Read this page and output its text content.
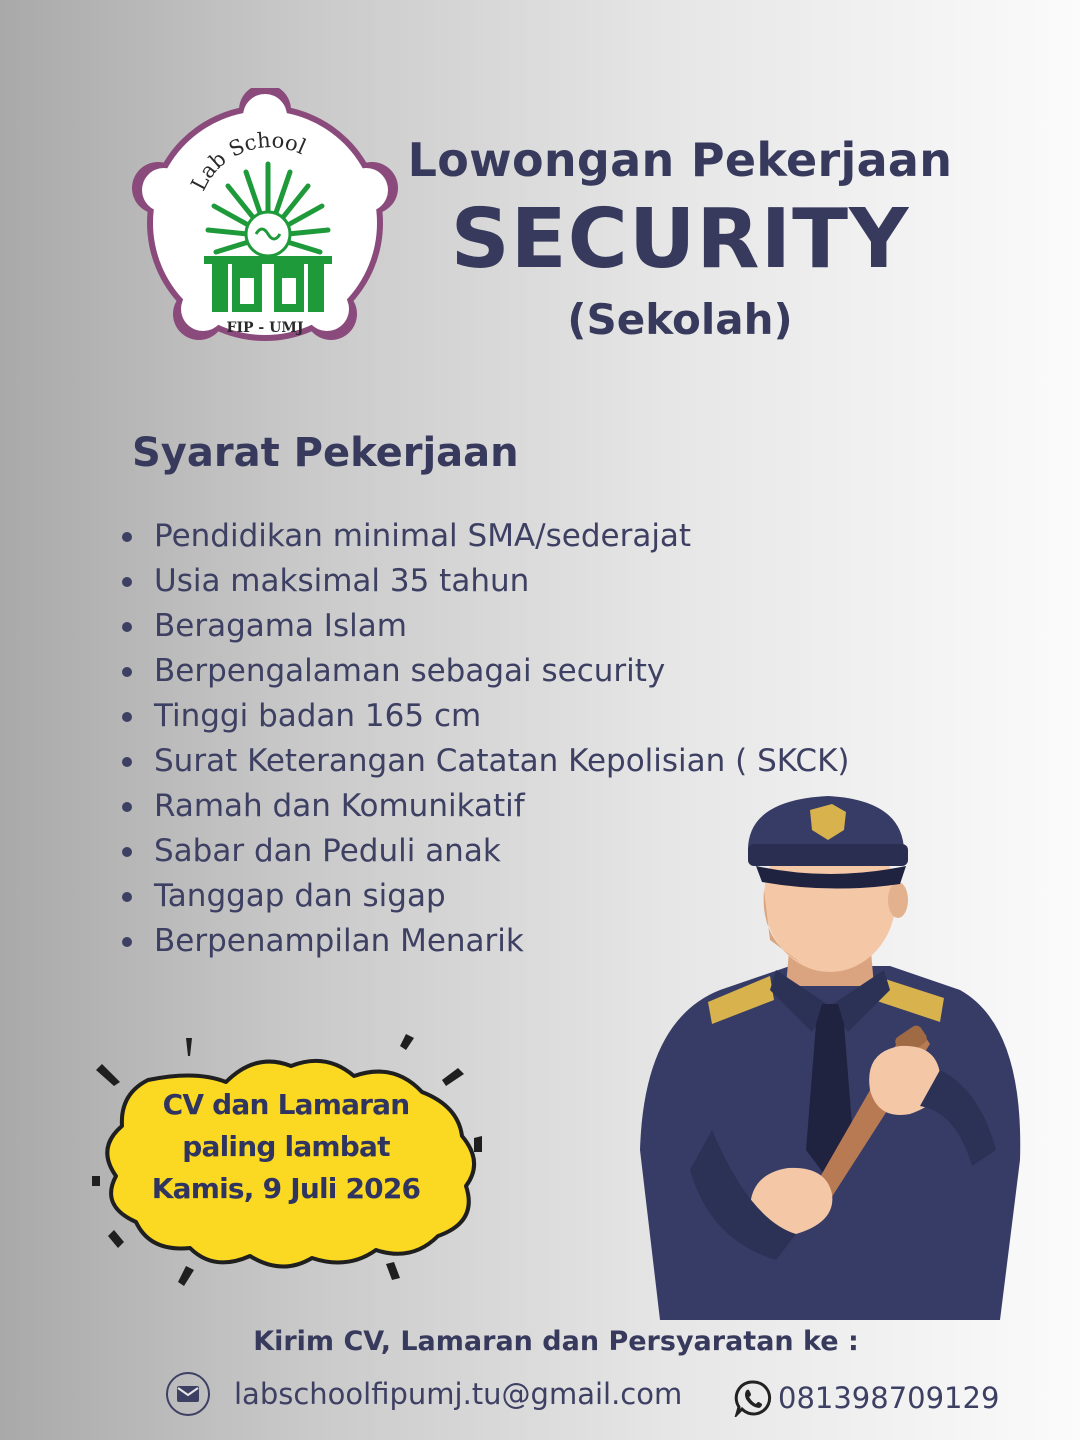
Lab School
FIP - UMJ
Lowongan Pekerjaan
SECURITY
(Sekolah)
Syarat Pekerjaan
Pendidikan minimal SMA/sederajat
Usia maksimal 35 tahun
Beragama Islam
Berpengalaman sebagai security
Tinggi badan 165 cm
Surat Keterangan Catatan Kepolisian ( SKCK)
Ramah dan Komunikatif
Sabar dan Peduli anak
Tanggap dan sigap
Berpenampilan Menarik
CV dan Lamaran
paling lambat
Kamis, 9 Juli 2026
Kirim CV, Lamaran dan Persyaratan ke :
labschoolfipumj.tu@gmail.com	081398709129
